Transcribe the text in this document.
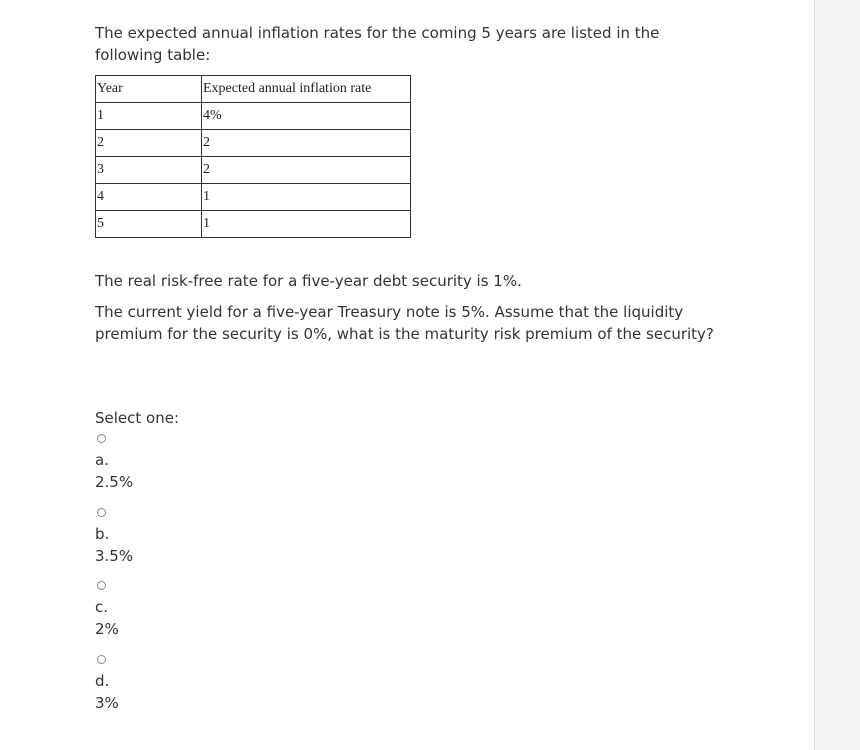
The expected annual inflation rates for the coming 5 years are listed in the following table:

Year	Expected annual inflation rate
1	4%
2	2
3	2
4	1
5	1

The real risk-free rate for a five-year debt security is 1%.

The current yield for a five-year Treasury note is 5%. Assume that the liquidity premium for the security is 0%, what is the maturity risk premium of the security?

Select one:
a.
2.5%
b.
3.5%
c.
2%
d.
3%
